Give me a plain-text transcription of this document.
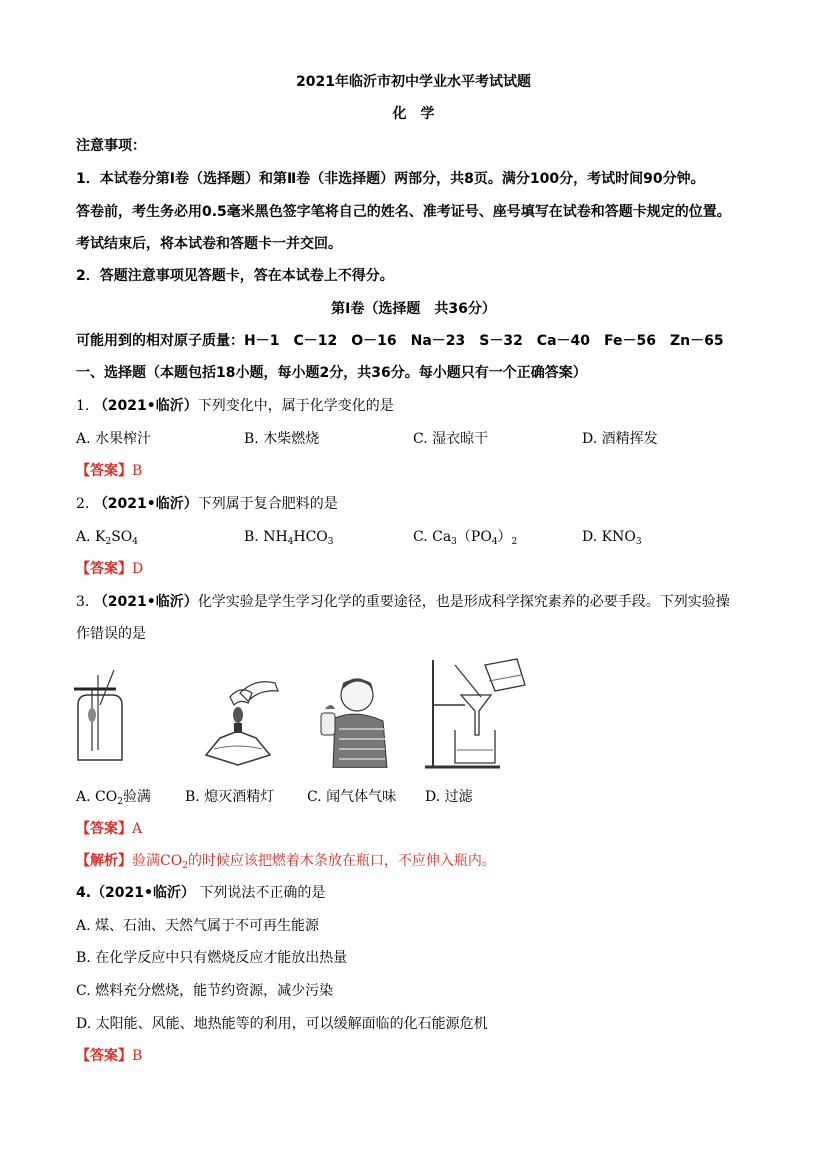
2021年临沂市初中学业水平考试试题
化　学
注意事项：
1．本试卷分第Ⅰ卷（选择题）和第Ⅱ卷（非选择题）两部分，共8页。满分100分，考试时间90分钟。
答卷前，考生务必用0.5毫米黑色签字笔将自己的姓名、准考证号、座号填写在试卷和答题卡规定的位置。
考试结束后，将本试卷和答题卡一并交回。
2．答题注意事项见答题卡，答在本试卷上不得分。
第Ⅰ卷（选择题　共36分）
可能用到的相对原子质量：H－1　C－12　O－16　Na－23　S－32　Ca－40　Fe－56　Zn－65
一、选择题（本题包括18小题，每小题2分，共36分。每小题只有一个正确答案）
1. （2021•临沂）下列变化中，属于化学变化的是
A. 水果榨汁	B. 木柴燃烧	C. 湿衣晾干	D. 酒精挥发
【答案】B
2. （2021•临沂）下列属于复合肥料的是
A. $K_2SO_4$	B. $NH_4HCO_3$	C. $Ca_3(PO_4)_2$	D. $KNO_3$
【答案】D
3. （2021•临沂）化学实验是学生学习化学的重要途径，也是形成科学探究素养的必要手段。下列实验操
作错误的是
A. $CO_2$验满 B. 熄灭酒精灯 C. 闻气体气味 D. 过滤
【答案】A
【解析】验满$CO_2$的时候应该把燃着木条放在瓶口，不应伸入瓶内。
4.（2021•临沂） 下列说法不正确的是
A. 煤、石油、天然气属于不可再生能源
B. 在化学反应中只有燃烧反应才能放出热量
C. 燃料充分燃烧，能节约资源，减少污染
D. 太阳能、风能、地热能等的利用，可以缓解面临的化石能源危机
【答案】B
